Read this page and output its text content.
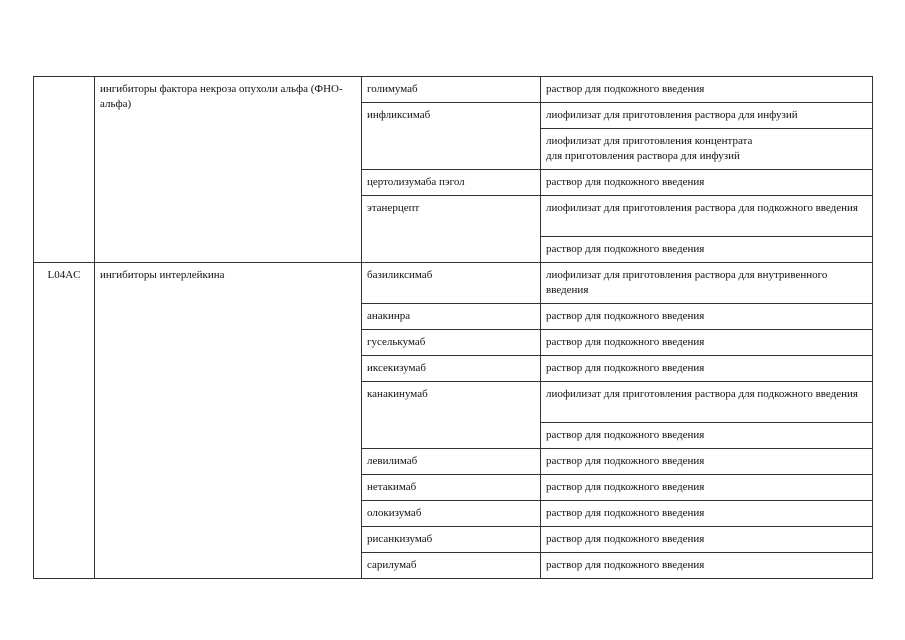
	ингибиторы фактора некроза опухоли альфа (ФНО-альфа)	голимумаб	раствор для подкожного введения
		инфликсимаб	лиофилизат для приготовления раствора для инфузий
			лиофилизат для приготовления концентрата
для приготовления раствора для инфузий
		цертолизумаба пэгол	раствор для подкожного введения
		этанерцепт	лиофилизат для приготовления раствора для подкожного введения
			раствор для подкожного введения
L04AC	ингибиторы интерлейкина	базиликсимаб	лиофилизат для приготовления раствора для внутривенного введения
		анакинра	раствор для подкожного введения
		гуселькумаб	раствор для подкожного введения
		иксекизумаб	раствор для подкожного введения
		канакинумаб	лиофилизат для приготовления раствора для подкожного введения
			раствор для подкожного введения
		левилимаб	раствор для подкожного введения
		нетакимаб	раствор для подкожного введения
		олокизумаб	раствор для подкожного введения
		рисанкизумаб	раствор для подкожного введения
		сарилумаб	раствор для подкожного введения
